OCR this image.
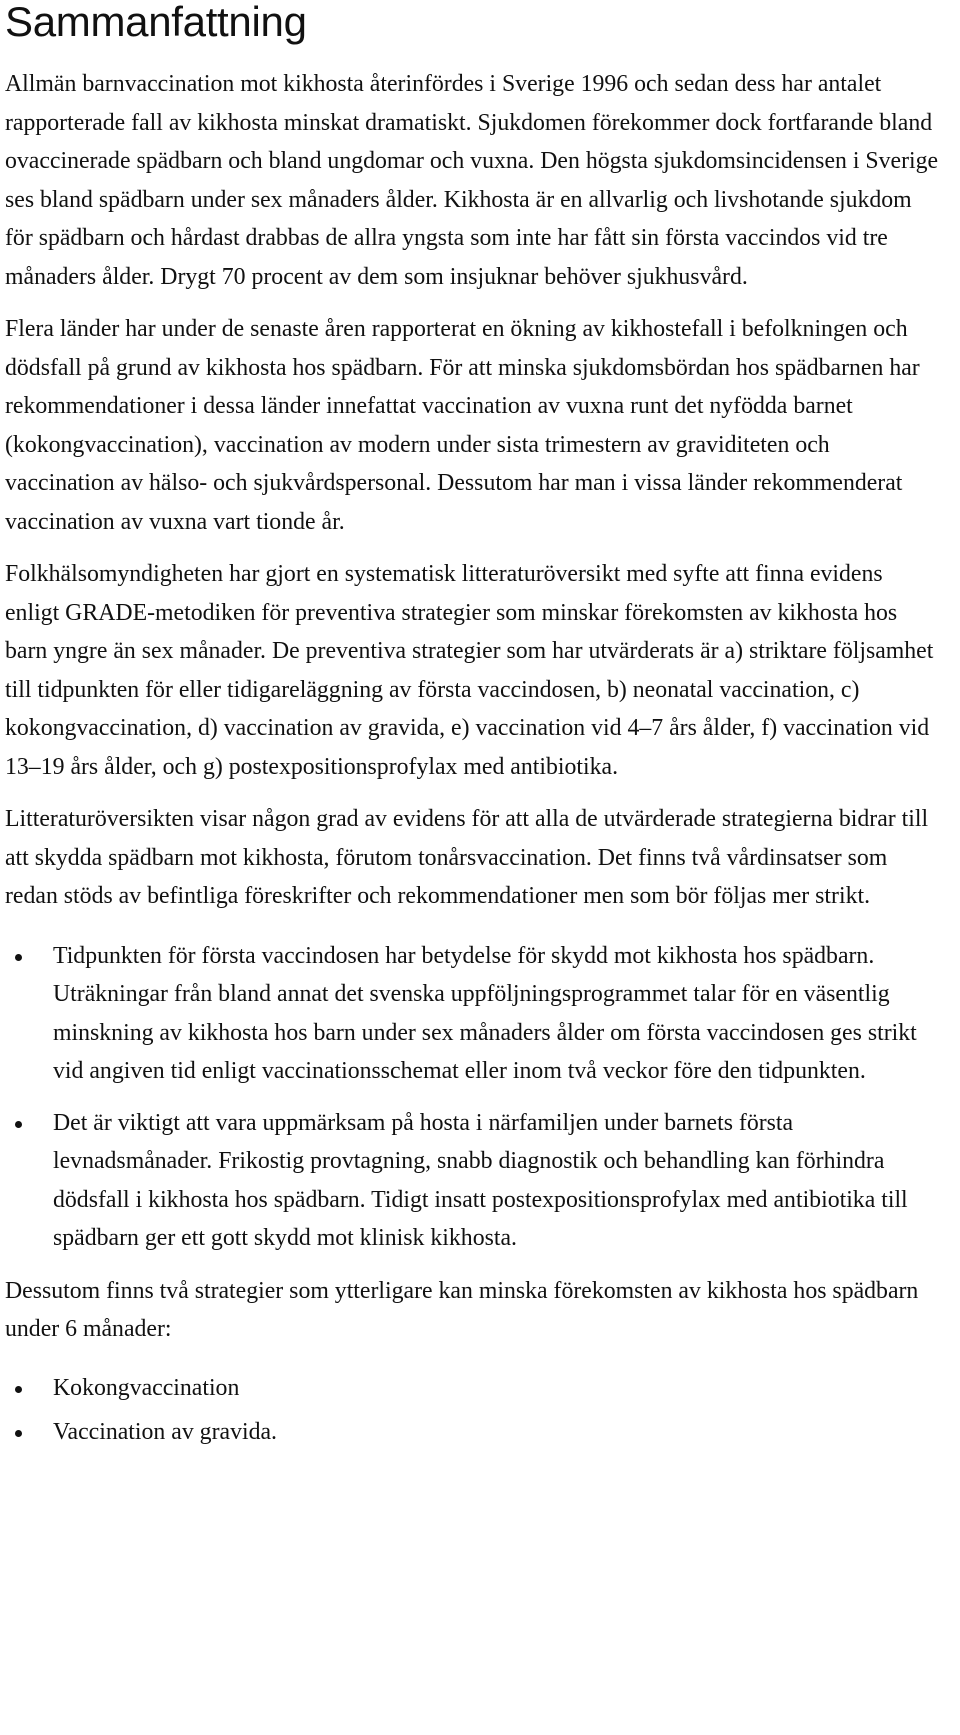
Sammanfattning

Allmän barnvaccination mot kikhosta återinfördes i Sverige 1996 och sedan dess har antalet rapporterade fall av kikhosta minskat dramatiskt. Sjukdomen förekommer dock fortfarande bland ovaccinerade spädbarn och bland ungdomar och vuxna. Den högsta sjukdomsincidensen i Sverige ses bland spädbarn under sex månaders ålder. Kikhosta är en allvarlig och livshotande sjukdom för spädbarn och hårdast drabbas de allra yngsta som inte har fått sin första vaccindos vid tre månaders ålder. Drygt 70 procent av dem som insjuknar behöver sjukhusvård.

Flera länder har under de senaste åren rapporterat en ökning av kikhostefall i befolkningen och dödsfall på grund av kikhosta hos spädbarn. För att minska sjukdomsbördan hos spädbarnen har rekommendationer i dessa länder innefattat vaccination av vuxna runt det nyfödda barnet (kokongvaccination), vaccination av modern under sista trimestern av graviditeten och vaccination av hälso- och sjukvårdspersonal. Dessutom har man i vissa länder rekommenderat vaccination av vuxna vart tionde år.

Folkhälsomyndigheten har gjort en systematisk litteraturöversikt med syfte att finna evidens enligt GRADE-metodiken för preventiva strategier som minskar förekomsten av kikhosta hos barn yngre än sex månader. De preventiva strategier som har utvärderats är a) striktare följsamhet till tidpunkten för eller tidigareläggning av första vaccindosen, b) neonatal vaccination, c) kokongvaccination, d) vaccination av gravida, e) vaccination vid 4–7 års ålder, f) vaccination vid 13–19 års ålder, och g) postexpositionsprofylax med antibiotika.

Litteraturöversikten visar någon grad av evidens för att alla de utvärderade strategierna bidrar till att skydda spädbarn mot kikhosta, förutom tonårsvaccination. Det finns två vårdinsatser som redan stöds av befintliga föreskrifter och rekommendationer men som bör följas mer strikt.

Tidpunkten för första vaccindosen har betydelse för skydd mot kikhosta hos spädbarn. Uträkningar från bland annat det svenska uppföljningsprogrammet talar för en väsentlig minskning av kikhosta hos barn under sex månaders ålder om första vaccindosen ges strikt vid angiven tid enligt vaccinationsschemat eller inom två veckor före den tidpunkten.
Det är viktigt att vara uppmärksam på hosta i närfamiljen under barnets första levnadsmånader. Frikostig provtagning, snabb diagnostik och behandling kan förhindra dödsfall i kikhosta hos spädbarn. Tidigt insatt postexpositionsprofylax med antibiotika till spädbarn ger ett gott skydd mot klinisk kikhosta.

Dessutom finns två strategier som ytterligare kan minska förekomsten av kikhosta hos spädbarn under 6 månader:

Kokongvaccination
Vaccination av gravida.
